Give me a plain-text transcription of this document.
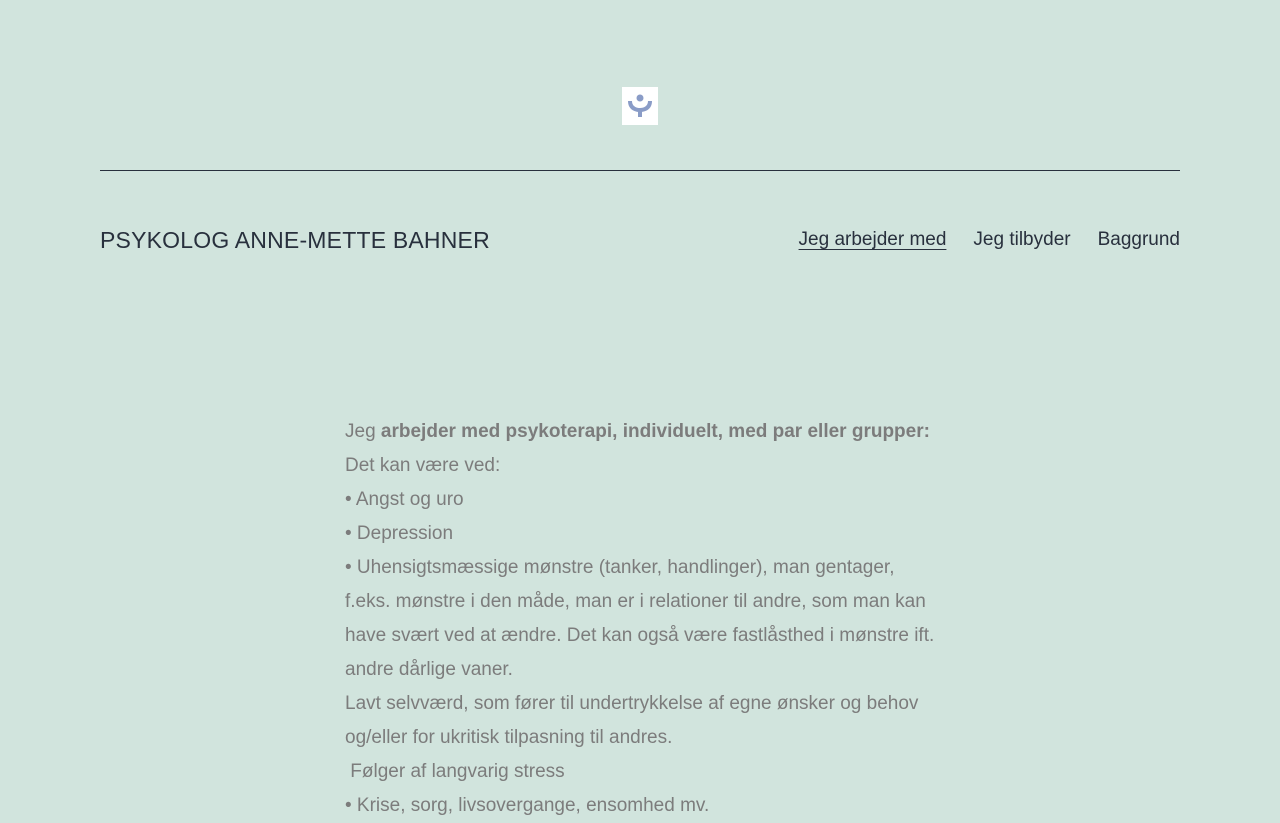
PSYKOLOG ANNE-METTE BAHNER	Jeg arbejder med Jeg tilbyder Baggrund

Jeg arbejder med psykoterapi, individuelt, med par eller grupper:

Det kan være ved:

• Angst og uro

• Depression

• Uhensigtsmæssige mønstre (tanker, handlinger), man gentager, f.eks. mønstre i den måde, man er i relationer til andre, som man kan have svært ved at ændre. Det kan også være fastlåsthed i mønstre ift. andre dårlige vaner.

Lavt selvværd, som fører til undertrykkelse af egne ønsker og behov og/eller for ukritisk tilpasning til andres.

Følger af langvarig stress

• Krise, sorg, livsovergange, ensomhed mv.
